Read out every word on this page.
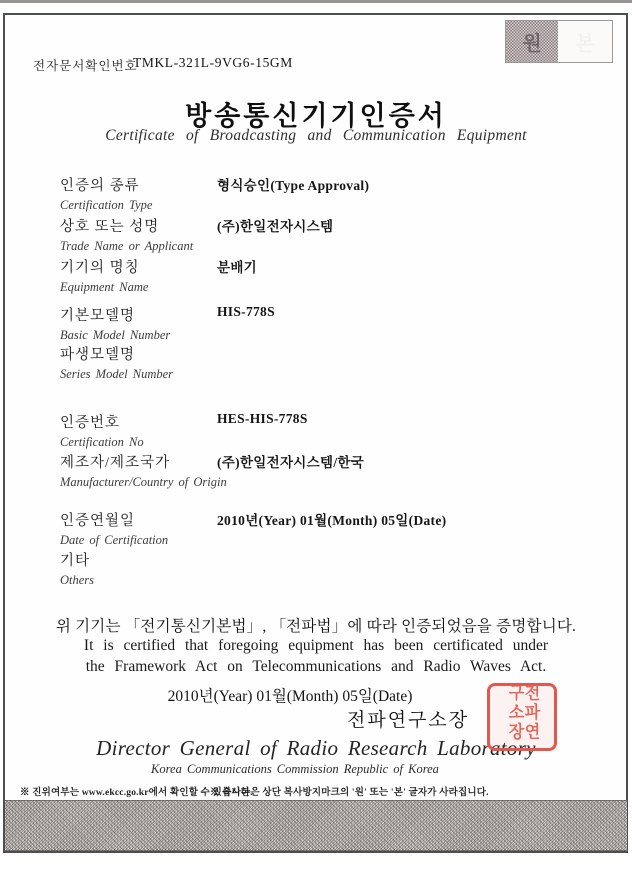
전자문서확인번호
TMKL-321L-9VG6-15GM
원	본
방송통신기기인증서
Certificate of Broadcasting and Communication Equipment
인증의 종류
Certification Type
형식승인(Type Approval)
상호 또는 성명
Trade Name or Applicant
(주)한일전자시스템
기기의 명칭
Equipment Name
분배기
기본모델명
Basic Model Number
HIS-778S
파생모델명
Series Model Number
인증번호
Certification No
HES-HIS-778S
제조자/제조국가
Manufacturer/Country of Origin
(주)한일전자시스템/한국
인증연월일
Date of Certification
2010년(Year) 01월(Month) 05일(Date)
기타
Others
위 기기는 「전기통신기본법」, 「전파법」에 따라 인증되었음을 증명합니다.
It is certified that foregoing equipment has been certificated under
the Framework Act on Telecommunications and Radio Waves Act.
2010년(Year) 01월(Month) 05일(Date)
전파연구소장	전파연구소장
Director General of Radio Research Laboratory
Korea Communications Commission Republic of Korea
※ 진위여부는 www.ekcc.go.kr에서 확인할 수 있습니다.
※ 복사본은 상단 복사방지마크의 '원' 또는 '본' 글자가 사라집니다.
